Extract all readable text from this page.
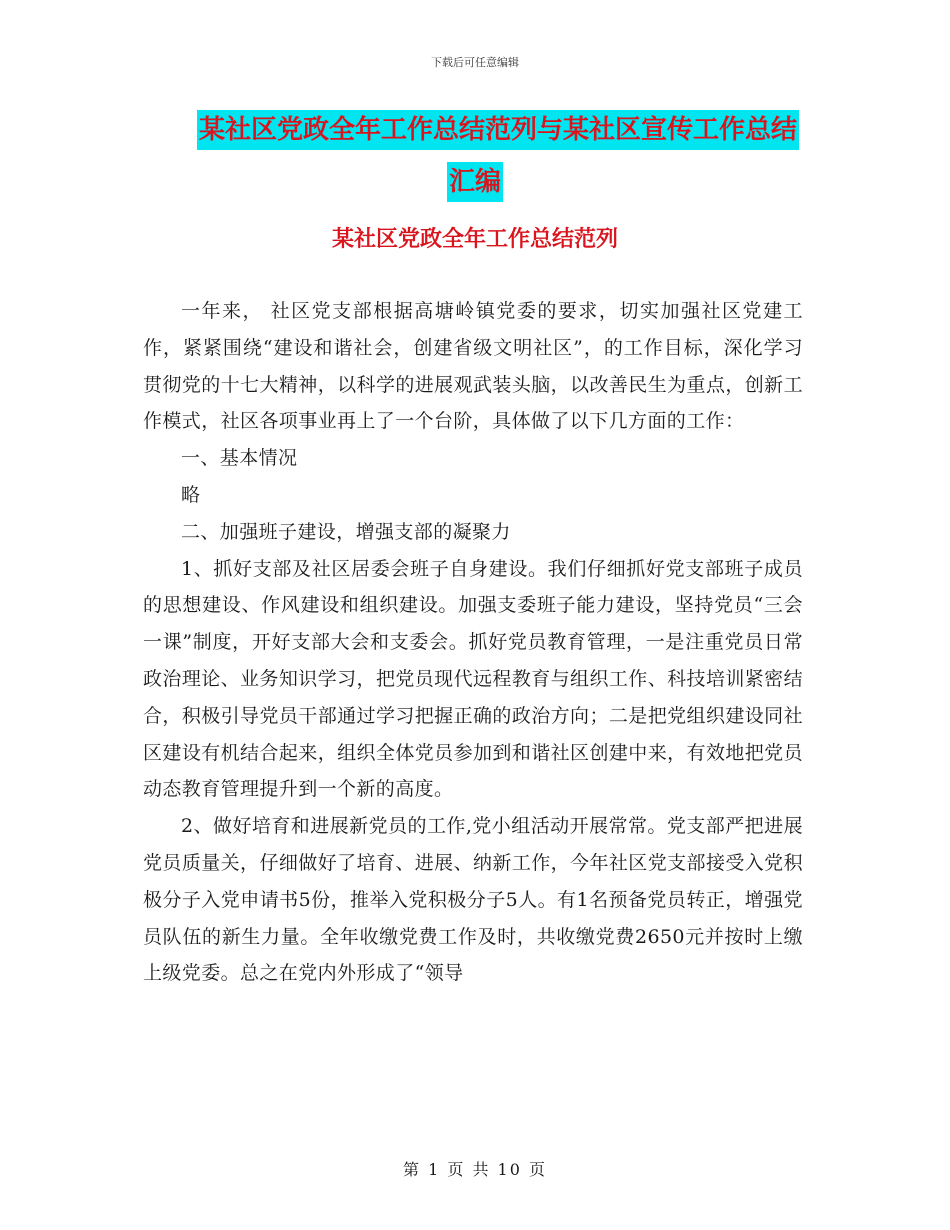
下载后可任意编辑
某社区党政全年工作总结范列与某社区宣传工作总结
汇编
某社区党政全年工作总结范列

一年来， 社区党支部根据高塘岭镇党委的要求，切实加强社区党建工作，紧紧围绕“建设和谐社会，创建省级文明社区”，的工作目标，深化学习贯彻党的十七大精神，以科学的进展观武装头脑，以改善民生为重点，创新工作模式，社区各项事业再上了一个台阶，具体做了以下几方面的工作：

一、基本情况

略

二、加强班子建设，增强支部的凝聚力

1、抓好支部及社区居委会班子自身建设。我们仔细抓好党支部班子成员的思想建设、作风建设和组织建设。加强支委班子能力建设，坚持党员“三会一课”制度，开好支部大会和支委会。抓好党员教育管理，一是注重党员日常政治理论、业务知识学习，把党员现代远程教育与组织工作、科技培训紧密结合，积极引导党员干部通过学习把握正确的政治方向；二是把党组织建设同社区建设有机结合起来，组织全体党员参加到和谐社区创建中来，有效地把党员动态教育管理提升到一个新的高度。

2、做好培育和进展新党员的工作,党小组活动开展常常。党支部严把进展党员质量关，仔细做好了培育、进展、纳新工作，今年社区党支部接受入党积极分子入党申请书5份，推举入党积极分子5人。有1名预备党员转正，增强党员队伍的新生力量。全年收缴党费工作及时，共收缴党费2650元并按时上缴上级党委。总之在党内外形成了“领导

第 1 页 共 10 页
